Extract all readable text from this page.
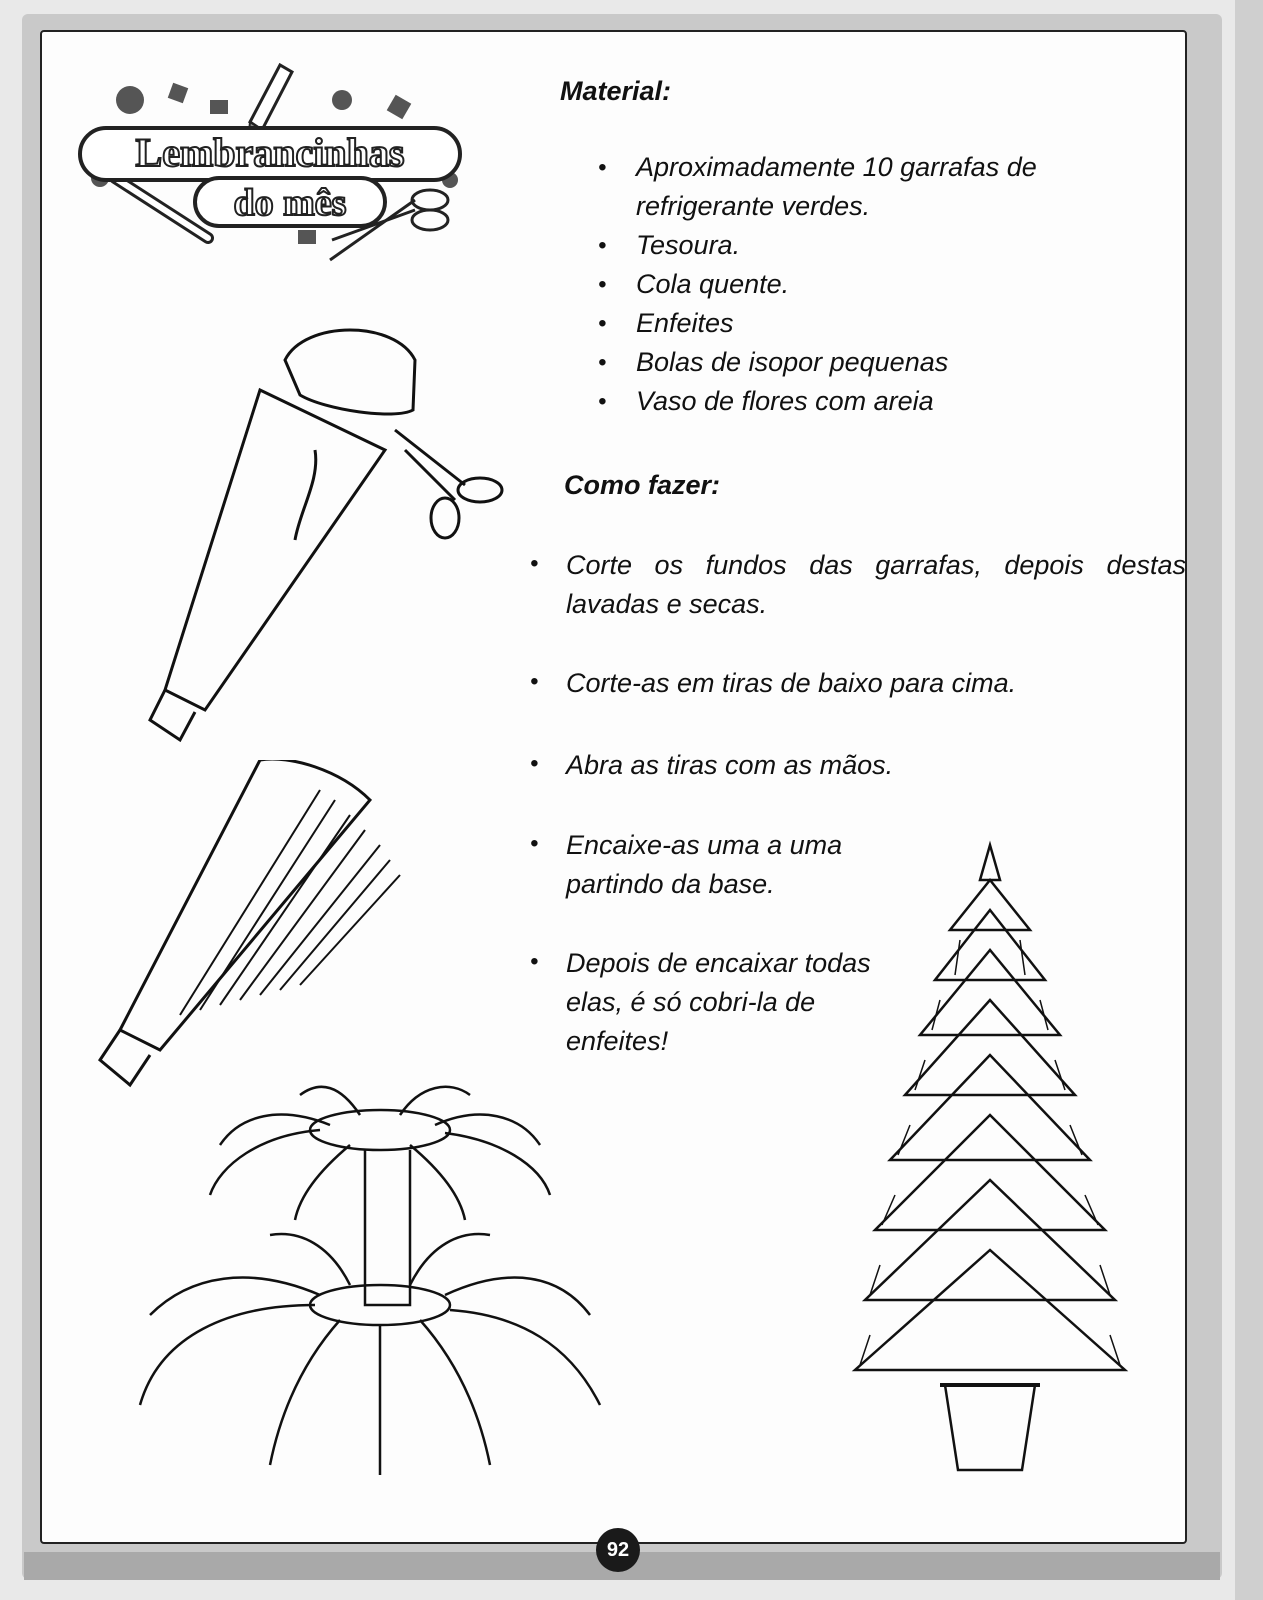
Lembrancinhas
do mês
Material:
• Aproximadamente 10 garrafas de refrigerante verdes.
• Tesoura.
• Cola quente.
• Enfeites
• Bolas de isopor pequenas
• Vaso de flores com areia
Como fazer:
• Corte os fundos das garrafas, depois destas lavadas e secas.
• Corte-as em tiras de baixo para cima.
• Abra as tiras com as mãos.
• Encaixe-as uma a uma partindo da base.
• Depois de encaixar todas elas, é só cobri-la de enfeites!
92
